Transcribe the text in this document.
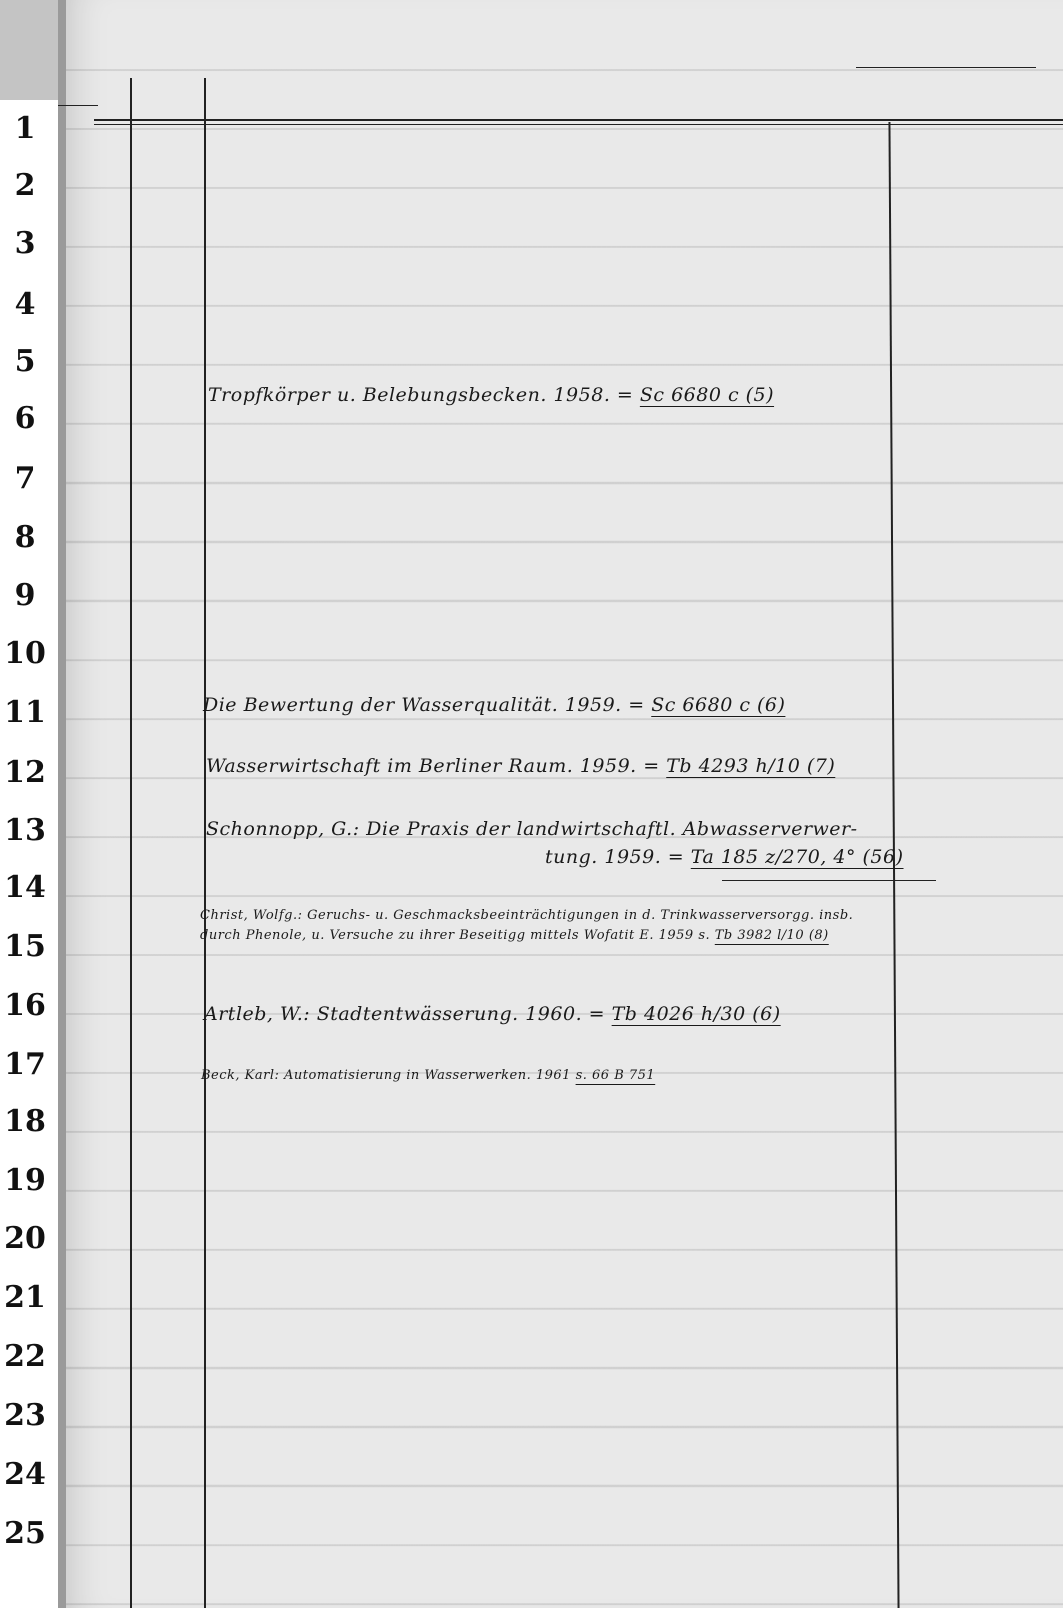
1
2
3
4
5
6
7
8
9
10
11
12
13
14
15
16
17
18
19
20
21
22
23
24
25
Tropfkörper u. Belebungsbecken. 1958. = Sc 6680 c (5)
Die Bewertung der Wasserqualität. 1959. = Sc 6680 c (6)
Wasserwirtschaft im Berliner Raum. 1959. = Tb 4293 h/10 (7)
Schonnopp, G.: Die Praxis der landwirtschaftl. Abwasserverwer-
tung. 1959. = Ta 185 z/270, 4° (56)
Christ, Wolfg.: Geruchs- u. Geschmacksbeeinträchtigungen in d. Trinkwasserversorgg. insb.
durch Phenole, u. Versuche zu ihrer Beseitigg mittels Wofatit E. 1959 s. Tb 3982 l/10 (8)
Artleb, W.: Stadtentwässerung. 1960. = Tb 4026 h/30 (6)
Beck, Karl: Automatisierung in Wasserwerken. 1961 s. 66 B 751
